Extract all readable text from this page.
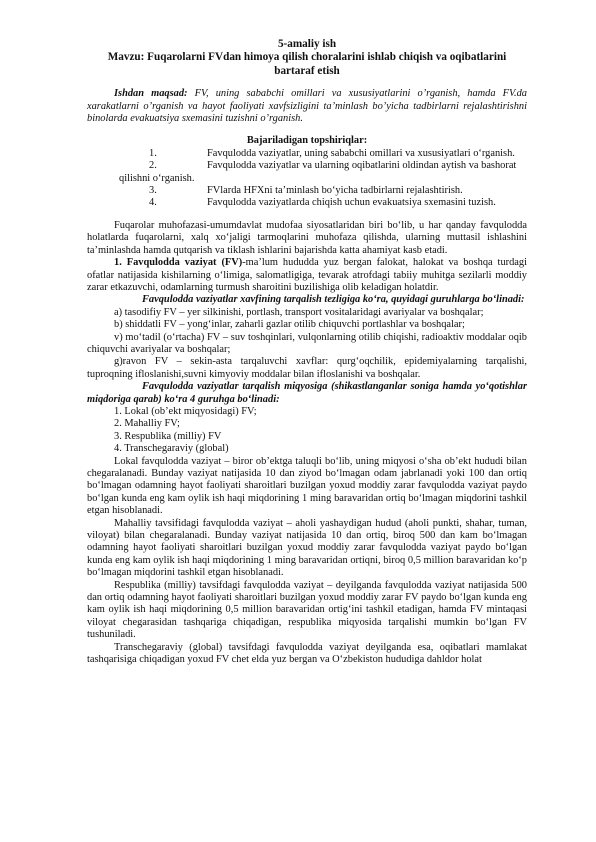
5-amaliy ish
Mavzu: Fuqarolarni FVdan himoya qilish choralarini ishlab chiqish va oqibatlarini bartaraf etish
Ishdan maqsad: FV, uning sababchi omillari va xususiyatlarini o’rganish, hamda FV.da xarakatlarni o’rganish va hayot faoliyati xavfsizligini ta’minlash bo’yicha tadbirlarni rejalashtirishni binolarda evakuatsiya sxemasini tuzishni o’rganish.
Bajariladigan topshiriqlar:
1.	Favqulodda vaziyatlar, uning sababchi omillari va xususiyatlari o‘rganish.
2.	Favqulodda vaziyatlar va ularning oqibatlarini oldindan aytish va bashorat
qilishni o‘rganish.
3.	FVlarda HFXni ta’minlash bo‘yicha tadbirlarni rejalashtirish.
4.	Favqulodda vaziyatlarda chiqish uchun evakuatsiya sxemasini tuzish.
Fuqarolar muhofazasi-umumdavlat mudofaa siyosatlaridan biri bo‘lib, u har qanday favqulodda holatlarda fuqarolarni, xalq xo‘jaligi tarmoqlarini muhofaza qilishda, ularning muttasil ishlashini ta’minlashda hamda qutqarish va tiklash ishlarini bajarishda katta ahamiyat kasb etadi.
1. Favqulodda vaziyat (FV)-ma’lum hududda yuz bergan falokat, halokat va boshqa turdagi ofatlar natijasida kishilarning o‘limiga, salomatligiga, tevarak atrofdagi tabiiy muhitga sezilarli moddiy zarar etkazuvchi, odamlarning turmush sharoitini buzilishiga olib keladigan holatdir.
Favqulodda vaziyatlar xavfining tarqalish tezligiga ko‘ra, quyidagi guruhlarga bo‘linadi:
a) tasodifiy FV – yer silkinishi, portlash, transport vositalaridagi avariyalar va boshqalar;
b) shiddatli FV – yong‘inlar, zaharli gazlar otilib chiquvchi portlashlar va boshqalar;
v) mo‘tadil (o‘rtacha) FV – suv toshqinlari, vulqonlarning otilib chiqishi, radioaktiv moddalar oqib chiquvchi avariyalar va boshqalar;
g)ravon FV – sekin-asta tarqaluvchi xavflar: qurg‘oqchilik, epidemiyalarning tarqalishi, tuproqning ifloslanishi,suvni kimyoviy moddalar bilan ifloslanishi va boshqalar.
Favqulodda vaziyatlar tarqalish miqyosiga (shikastlanganlar soniga hamda yo‘qotishlar miqdoriga qarab) ko‘ra 4 guruhga bo‘linadi:
1. Lokal (ob’ekt miqyosidagi) FV;
2. Mahalliy FV;
3. Respublika (milliy) FV
4. Transchegaraviy (global)
Lokal favqulodda vaziyat – biror ob’ektga taluqli bo‘lib, uning miqyosi o‘sha ob’ekt hududi bilan chegaralanadi. Bunday vaziyat natijasida 10 dan ziyod bo‘lmagan odam jabrlanadi yoki 100 dan ortiq bo‘lmagan odamning hayot faoliyati sharoitlari buzilgan yoxud moddiy zarar favqulodda vaziyat paydo bo‘lgan kunda eng kam oylik ish haqi miqdorining 1 ming baravaridan ortiq bo‘lmagan miqdorini tashkil etgan hisoblanadi.
Mahalliy tavsifidagi favqulodda vaziyat – aholi yashaydigan hudud (aholi punkti, shahar, tuman, viloyat) bilan chegaralanadi. Bunday vaziyat natijasida 10 dan ortiq, biroq 500 dan kam bo‘lmagan odamning hayot faoliyati sharoitlari buzilgan yoxud moddiy zarar favqulodda vaziyat paydo bo‘lgan kunda eng kam oylik ish haqi miqdorining 1 ming baravaridan ortiqni, biroq 0,5 million baravaridan ko‘p bo‘lmagan miqdorini tashkil etgan hisoblanadi.
Respublika (milliy) tavsifdagi favqulodda vaziyat – deyilganda favqulodda vaziyat natijasida 500 dan ortiq odamning hayot faoliyati sharoitlari buzilgan yoxud moddiy zarar FV paydo bo‘lgan kunda eng kam oylik ish haqi miqdorining 0,5 million baravaridan ortig‘ini tashkil etadigan, hamda FV mintaqasi viloyat chegarasidan tashqariga chiqadigan, respublika miqyosida tarqalishi mumkin bo‘lgan FV tushuniladi.
Transchegaraviy (global) tavsifdagi favqulodda vaziyat deyilganda esa, oqibatlari mamlakat tashqarisiga chiqadigan yoxud FV chet elda yuz bergan va O‘zbekiston hududiga dahldor holat
